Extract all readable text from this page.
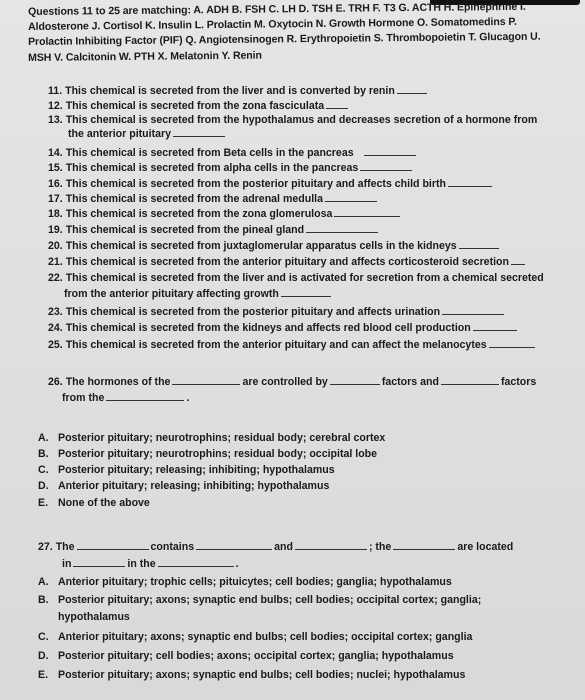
Questions 11 to 25 are matching: A. ADH B. FSH C. LH D. TSH E. TRH F. T3 G. ACTH H. Epinephrine I.
Aldosterone J. Cortisol K. Insulin L. Prolactin M. Oxytocin N. Growth Hormone O. Somatomedins P.
Prolactin Inhibiting Factor (PIF) Q. Angiotensinogen R. Erythropoietin S. Thrombopoietin T. Glucagon U.
MSH V. Calcitonin W. PTH X. Melatonin Y. Renin
11. This chemical is secreted from the liver and is converted by renin
12. This chemical is secreted from the zona fasciculata
13. This chemical is secreted from the hypothalamus and decreases secretion of a hormone from
the anterior pituitary
14. This chemical is secreted from Beta cells in the pancreas
15. This chemical is secreted from alpha cells in the pancreas
16. This chemical is secreted from the posterior pituitary and affects child birth
17. This chemical is secreted from the adrenal medulla
18. This chemical is secreted from the zona glomerulosa
19. This chemical is secreted from the pineal gland
20. This chemical is secreted from juxtaglomerular apparatus cells in the kidneys
21. This chemical is secreted from the anterior pituitary and affects corticosteroid secretion
22. This chemical is secreted from the liver and is activated for secretion from a chemical secreted
from the anterior pituitary affecting growth
23. This chemical is secreted from the posterior pituitary and affects urination
24. This chemical is secreted from the kidneys and affects red blood cell production
25. This chemical is secreted from the anterior pituitary and can affect the melanocytes
26. The hormones of the	are controlled by	factors and	factors
from the	.
A. Posterior pituitary; neurotrophins; residual body; cerebral cortex
B. Posterior pituitary; neurotrophins; residual body; occipital lobe
C. Posterior pituitary; releasing; inhibiting; hypothalamus
D. Anterior pituitary; releasing; inhibiting; hypothalamus
E. None of the above
27. The	contains	and	; the	are located
in	in the	.
A. Anterior pituitary; trophic cells; pituicytes; cell bodies; ganglia; hypothalamus
B. Posterior pituitary; axons; synaptic end bulbs; cell bodies; occipital cortex; ganglia;
hypothalamus
C. Anterior pituitary; axons; synaptic end bulbs; cell bodies; occipital cortex; ganglia
D. Posterior pituitary; cell bodies; axons; occipital cortex; ganglia; hypothalamus
E. Posterior pituitary; axons; synaptic end bulbs; cell bodies; nuclei; hypothalamus
